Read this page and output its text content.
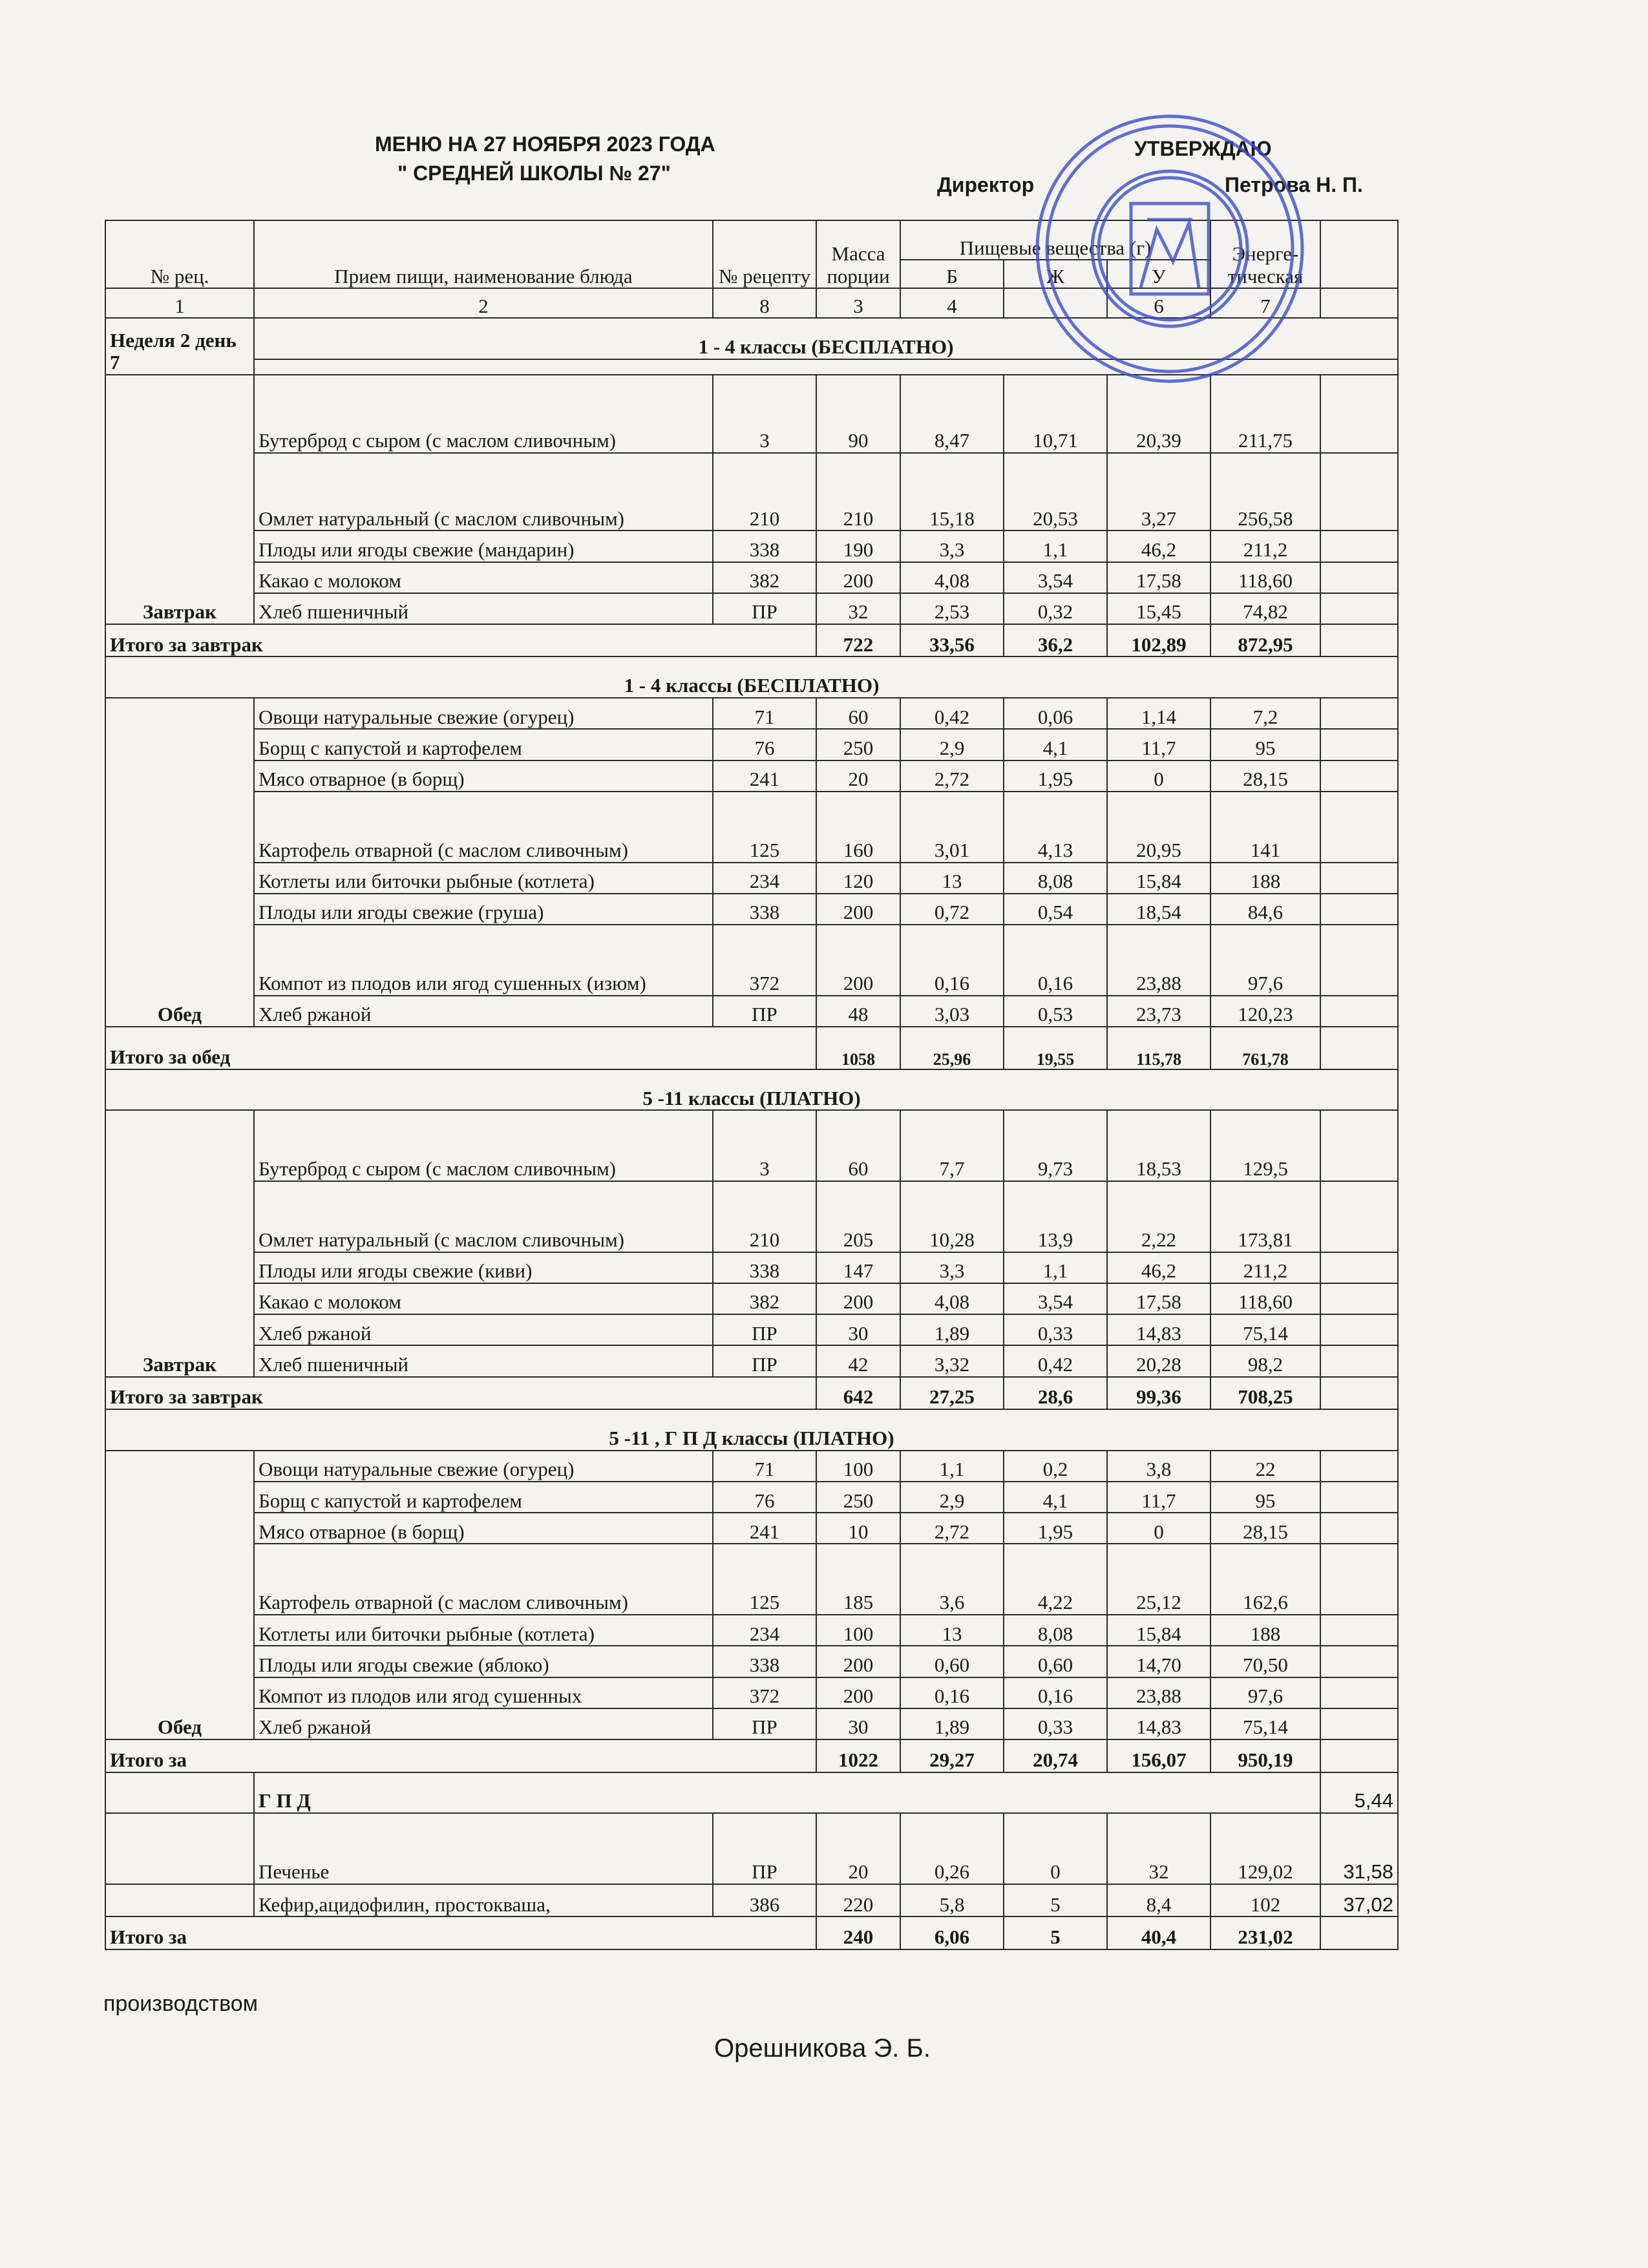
МЕНЮ НА 27 НОЯБРЯ 2023 ГОДА
" СРЕДНЕЙ ШКОЛЫ № 27"
УТВЕРЖДАЮ
Директор	Петрова Н. П.
№ рец.	Прием пищи, наименование блюда	№ рецепту	Масса порции	Пищевые вещества (г)			Энерге-тическая	
				Б	Ж	У		
1	2	8	3	4		6	7	
Неделя 2 день 7	1 - 4 классы (БЕСПЛАТНО)							

Завтрак	Бутерброд с сыром (с маслом сливочным)	3	90	8,47	10,71	20,39	211,75	
	Омлет натуральный (с маслом сливочным)	210	210	15,18	20,53	3,27	256,58	
	Плоды или ягоды свежие (мандарин)	338	190	3,3	1,1	46,2	211,2	
	Какао с молоком	382	200	4,08	3,54	17,58	118,60	
	Хлеб пшеничный	ПР	32	2,53	0,32	15,45	74,82	
Итого за завтрак			722	33,56	36,2	102,89	872,95	
1 - 4 классы (БЕСПЛАТНО)								
Обед	Овощи натуральные свежие (огурец)	71	60	0,42	0,06	1,14	7,2	
	Борщ с капустой и картофелем	76	250	2,9	4,1	11,7	95	
	Мясо отварное (в борщ)	241	20	2,72	1,95	0	28,15	
	Картофель отварной (с маслом сливочным)	125	160	3,01	4,13	20,95	141	
	Котлеты или биточки рыбные (котлета)	234	120	13	8,08	15,84	188	
	Плоды или ягоды свежие (груша)	338	200	0,72	0,54	18,54	84,6	
	Компот из плодов или ягод сушенных (изюм)	372	200	0,16	0,16	23,88	97,6	
	Хлеб ржаной	ПР	48	3,03	0,53	23,73	120,23	
Итого за обед			1058	25,96	19,55	115,78	761,78	
5 -11 классы (ПЛАТНО)								
Завтрак	Бутерброд с сыром (с маслом сливочным)	3	60	7,7	9,73	18,53	129,5	
	Омлет натуральный (с маслом сливочным)	210	205	10,28	13,9	2,22	173,81	
	Плоды или ягоды свежие (киви)	338	147	3,3	1,1	46,2	211,2	
	Какао с молоком	382	200	4,08	3,54	17,58	118,60	
	Хлеб ржаной	ПР	30	1,89	0,33	14,83	75,14	
	Хлеб пшеничный	ПР	42	3,32	0,42	20,28	98,2	
Итого за завтрак			642	27,25	28,6	99,36	708,25	
5 -11 , Г П Д классы (ПЛАТНО)								
Обед	Овощи натуральные свежие (огурец)	71	100	1,1	0,2	3,8	22	
	Борщ с капустой и картофелем	76	250	2,9	4,1	11,7	95	
	Мясо отварное (в борщ)	241	10	2,72	1,95	0	28,15	
	Картофель отварной (с маслом сливочным)	125	185	3,6	4,22	25,12	162,6	
	Котлеты или биточки рыбные (котлета)	234	100	13	8,08	15,84	188	
	Плоды или ягоды свежие (яблоко)	338	200	0,60	0,60	14,70	70,50	
	Компот из плодов или ягод сушенных	372	200	0,16	0,16	23,88	97,6	
	Хлеб ржаной	ПР	30	1,89	0,33	14,83	75,14	
Итого за			1022	29,27	20,74	156,07	950,19	
	Г П Д							5,44
	Печенье	ПР	20	0,26	0	32	129,02	31,58
	Кефир,ацидофилин, простокваша,	386	220	5,8	5	8,4	102	37,02
Итого за			240	6,06	5	40,4	231,02	
производством
Орешникова Э. Б.
